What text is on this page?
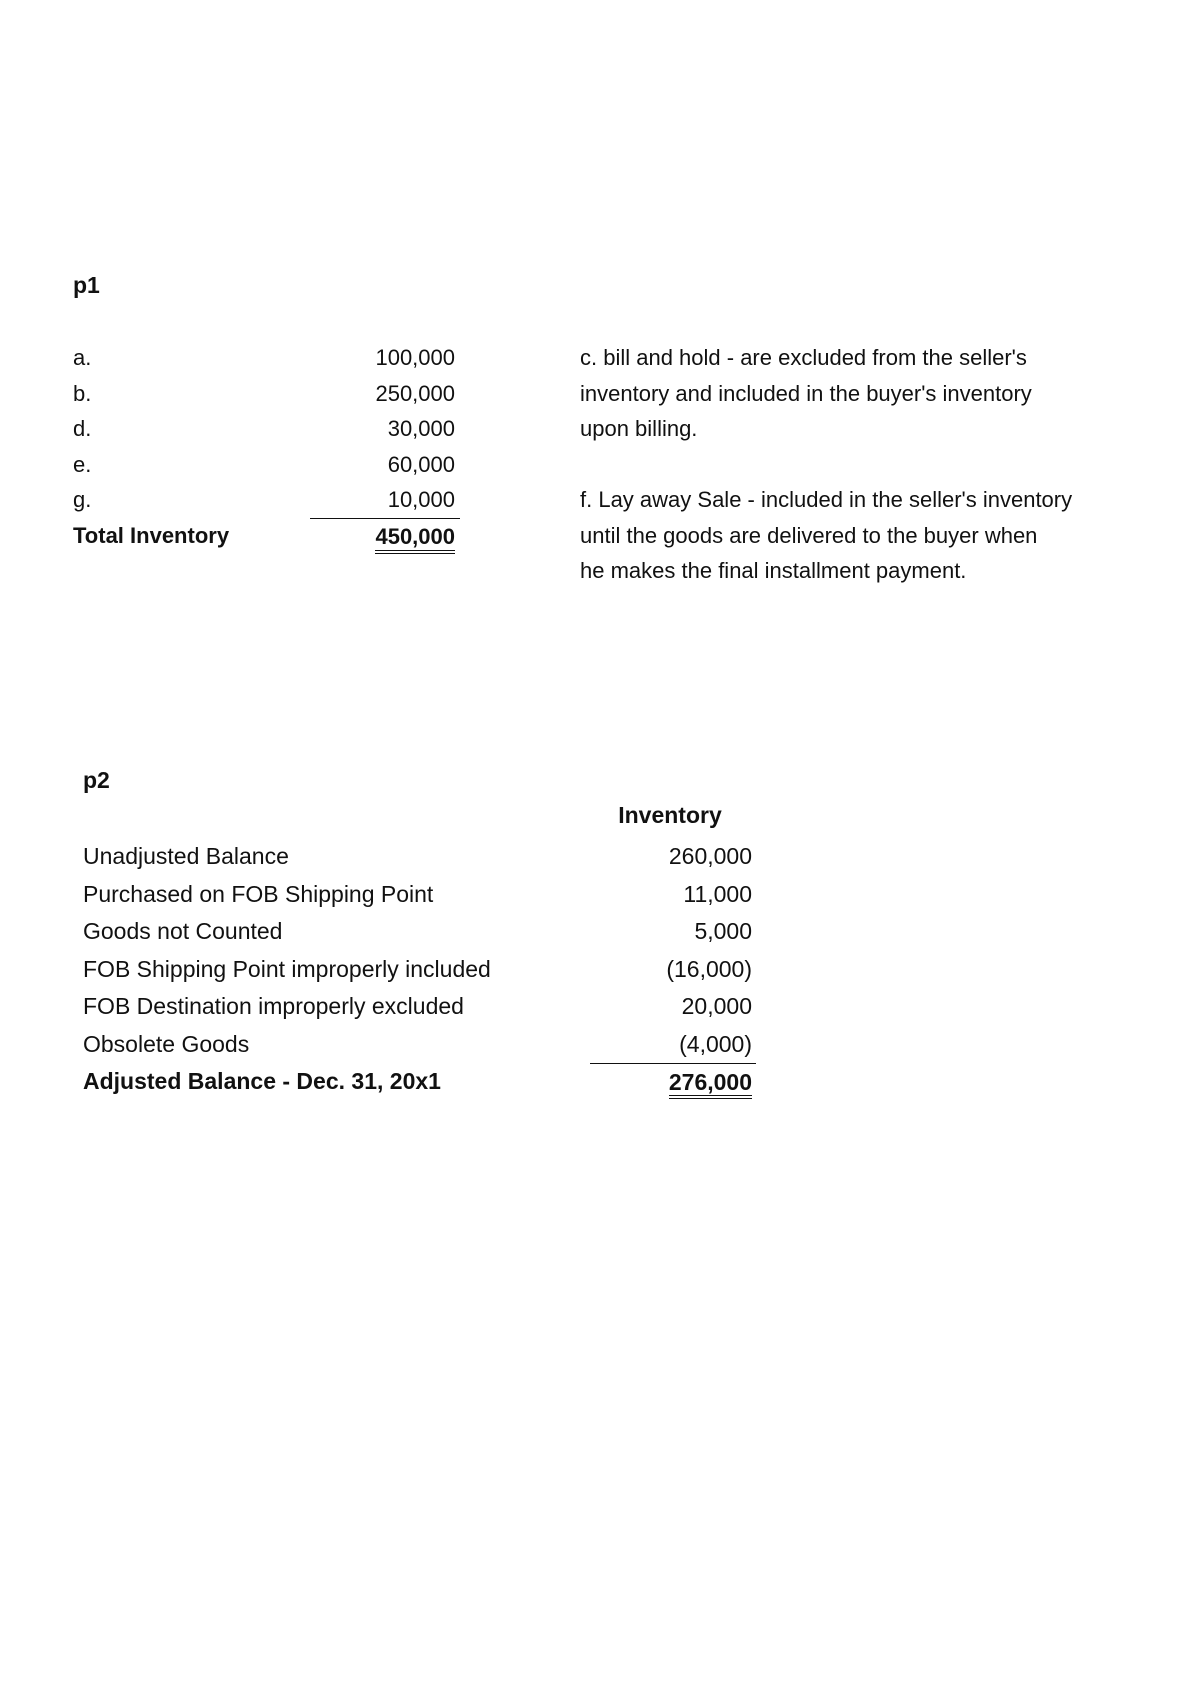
p1
a.
b.
d.
e.
g.
Total Inventory
100,000
250,000
30,000
60,000
10,000
450,000
c. bill and hold - are excluded from the seller's
inventory and included in the buyer's inventory
upon billing.
f. Lay away Sale - included in the seller's inventory
until the goods are delivered to the buyer when
he makes the final installment payment.
p2
Inventory
Unadjusted Balance
Purchased on FOB Shipping Point
Goods not Counted
FOB Shipping Point improperly included
FOB Destination improperly excluded
Obsolete Goods
Adjusted Balance - Dec. 31, 20x1
260,000
11,000
5,000
(16,000)
20,000
(4,000)
276,000
